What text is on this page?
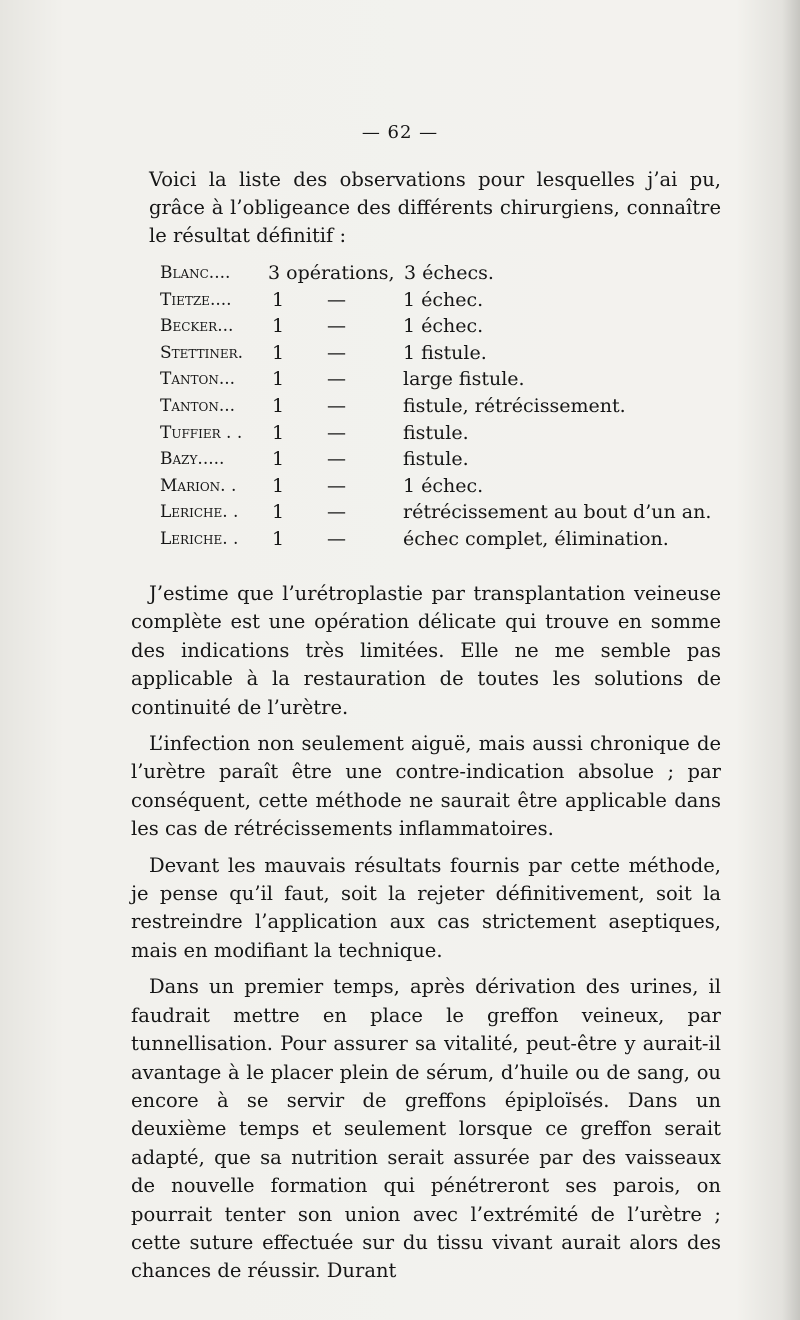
— 62 —
Voici la liste des observations pour lesquelles j’ai pu, grâce à l’obligeance des différents chirurgiens, connaître le résultat définitif :
Blanc.... 3 opérations, 3 échecs.
Tietze.... 1 —	1 échec.
Becker... 1 —	1 échec.
Stettiner. 1 —	1 fistule.
Tanton... 1 —	large fistule.
Tanton... 1 —	fistule, rétrécissement.
Tuffier . . 1 —	fistule.
Bazy.....	1 —	fistule.
Marion. . 1 —	1 échec.
Leriche. . 1 —	rétrécissement au bout d’un an.
Leriche. . 1 —	échec complet, élimination.

J’estime que l’urétroplastie par transplantation veineuse complète est une opération délicate qui trouve en somme des indications très limitées. Elle ne me semble pas applicable à la restauration de toutes les solutions de continuité de l’urètre.

L’infection non seulement aiguë, mais aussi chronique de l’urètre paraît être une contre-indication absolue ; par conséquent, cette méthode ne saurait être applicable dans les cas de rétrécissements inflammatoires.

Devant les mauvais résultats fournis par cette méthode, je pense qu’il faut, soit la rejeter définitivement, soit la restreindre l’application aux cas strictement aseptiques, mais en modifiant la technique.

Dans un premier temps, après dérivation des urines, il faudrait mettre en place le greffon veineux, par tunnellisation. Pour assurer sa vitalité, peut-être y aurait-il avantage à le placer plein de sérum, d’huile ou de sang, ou encore à se servir de greffons épiploïsés. Dans un deuxième temps et seulement lorsque ce greffon serait adapté, que sa nutrition serait assurée par des vaisseaux de nouvelle formation qui pénétreront ses parois, on pourrait tenter son union avec l’extrémité de l’urètre ; cette suture effectuée sur du tissu vivant aurait alors des chances de réussir. Durant
